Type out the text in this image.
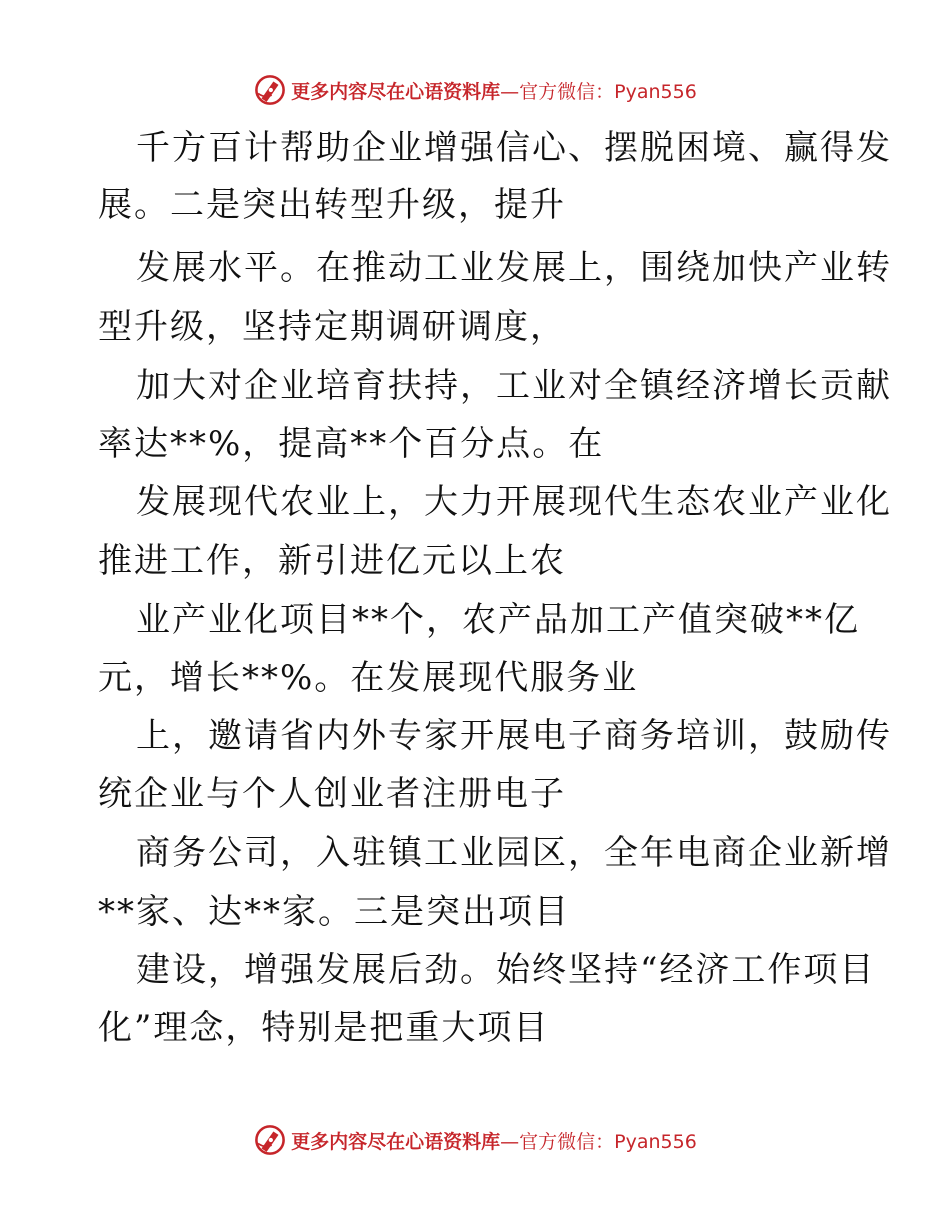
更多内容尽在心语资料库 —官方微信：Pyan556
千方百计帮助企业增强信心、摆脱困境、赢得发
展。二是突出转型升级，提升
发展水平。在推动工业发展上，围绕加快产业转
型升级，坚持定期调研调度，
加大对企业培育扶持，工业对全镇经济增长贡献
率达**%，提高**个百分点。在
发展现代农业上，大力开展现代生态农业产业化
推进工作，新引进亿元以上农
业产业化项目**个，农产品加工产值突破**亿
元，增长**%。在发展现代服务业
上，邀请省内外专家开展电子商务培训，鼓励传
统企业与个人创业者注册电子
商务公司，入驻镇工业园区，全年电商企业新增
**家、达**家。三是突出项目
建设，增强发展后劲。始终坚持“经济工作项目
化”理念，特别是把重大项目
更多内容尽在心语资料库 —官方微信：Pyan556
